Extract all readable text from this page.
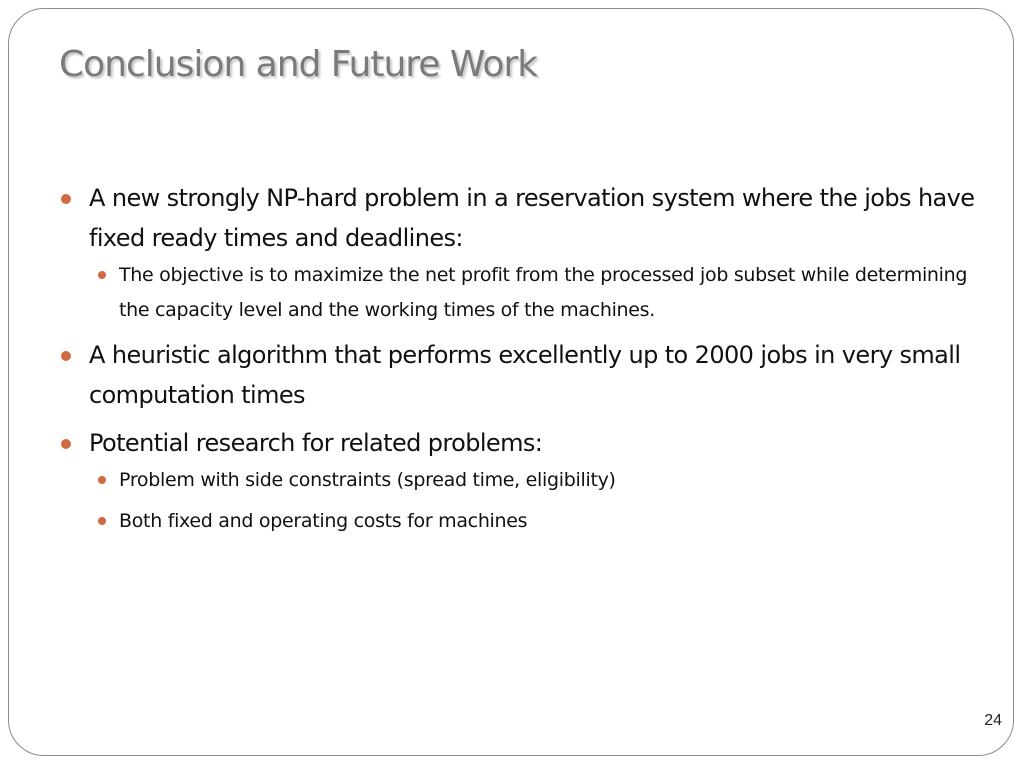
Conclusion and Future Work
A new strongly NP-hard problem in a reservation system where the jobs have fixed ready times and deadlines:
The objective is to maximize the net profit from the processed job subset while determining the capacity level and the working times of the machines.
A heuristic algorithm that performs excellently up to 2000 jobs in very small computation times
Potential research for related problems:
Problem with side constraints (spread time, eligibility)
Both fixed and operating costs for machines
24
